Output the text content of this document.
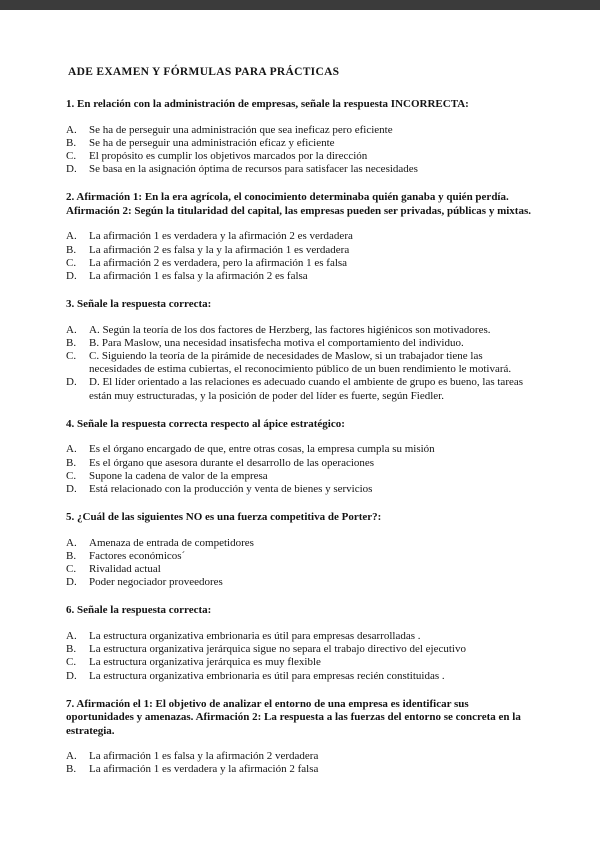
ADE EXAMEN Y FÓRMULAS PARA PRÁCTICAS

1. En relación con la administración de empresas, señale la respuesta INCORRECTA:

A.	Se ha de perseguir una administración que sea ineficaz pero eficiente
B.	Se ha de perseguir una administración eficaz y eficiente
C.	El propósito es cumplir los objetivos marcados por la dirección
D.	Se basa en la asignación óptima de recursos para satisfacer las necesidades

2. Afirmación 1: En la era agrícola, el conocimiento determinaba quién ganaba y quién perdía. Afirmación 2: Según la titularidad del capital, las empresas pueden ser privadas, públicas y mixtas.

A.	La afirmación 1 es verdadera y la afirmación 2 es verdadera
B.	La afirmación 2 es falsa y la y la afirmación 1 es verdadera
C.	La afirmación 2 es verdadera, pero la afirmación 1 es falsa
D.	La afirmación 1 es falsa y la afirmación 2 es falsa

3. Señale la respuesta correcta:

A.	A. Según la teoría de los dos factores de Herzberg, las factores higiénicos son motivadores.
B.	B. Para Maslow, una necesidad insatisfecha motiva el comportamiento del individuo.
C.	C. Siguiendo la teoría de la pirámide de necesidades de Maslow, si un trabajador tiene las necesidades de estima cubiertas, el reconocimiento público de un buen rendimiento le motivará.
D.	D. El líder orientado a las relaciones es adecuado cuando el ambiente de grupo es bueno, las tareas están muy estructuradas, y la posición de poder del líder es fuerte, según Fiedler.

4. Señale la respuesta correcta respecto al ápice estratégico:

A.	Es el órgano encargado de que, entre otras cosas, la empresa cumpla su misión
B.	Es el órgano que asesora durante el desarrollo de las operaciones
C.	Supone la cadena de valor de la empresa
D.	Está relacionado con la producción y venta de bienes y servicios

5. ¿Cuál de las siguientes NO es una fuerza competitiva de Porter?:

A.	Amenaza de entrada de competidores
B.	Factores económicos´
C.	Rivalidad actual
D.	Poder negociador proveedores

6. Señale la respuesta correcta:

A.	La estructura organizativa embrionaria es útil para empresas desarrolladas .
B.	La estructura organizativa jerárquica sigue no separa el trabajo directivo del ejecutivo
C.	La estructura organizativa jerárquica es muy flexible
D.	La estructura organizativa embrionaria es útil para empresas recién constituidas .

7. Afirmación el 1: El objetivo de analizar el entorno de una empresa es identificar sus oportunidades y amenazas. Afirmación 2: La respuesta a las fuerzas del entorno se concreta en la estrategia.

A.	La afirmación 1 es falsa y la afirmación 2 verdadera
B.	La afirmación 1 es verdadera y la afirmación 2 falsa
